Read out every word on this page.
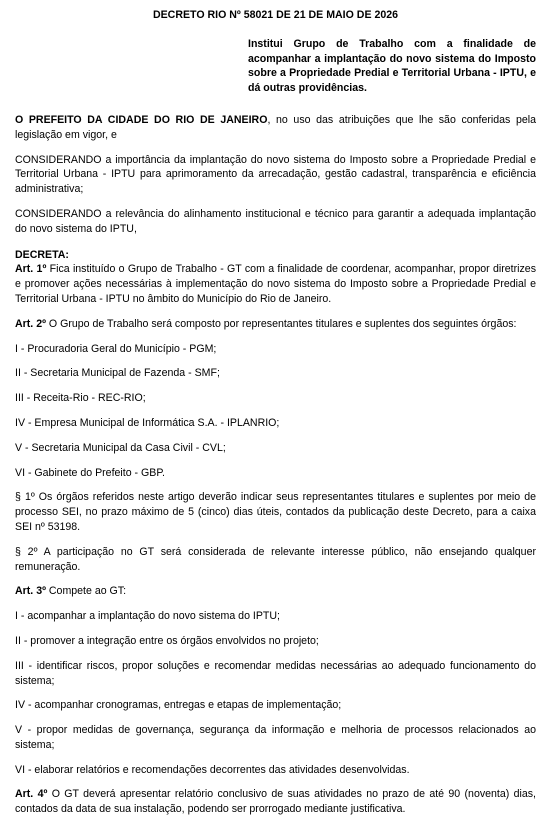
DECRETO RIO Nº 58021 DE 21 DE MAIO DE 2026
Institui Grupo de Trabalho com a finalidade de acompanhar a implantação do novo sistema do Imposto sobre a Propriedade Predial e Territorial Urbana - IPTU, e dá outras providências.

O PREFEITO DA CIDADE DO RIO DE JANEIRO, no uso das atribuições que lhe são conferidas pela legislação em vigor, e

CONSIDERANDO a importância da implantação do novo sistema do Imposto sobre a Propriedade Predial e Territorial Urbana - IPTU para aprimoramento da arrecadação, gestão cadastral, transparência e eficiência administrativa;

CONSIDERANDO a relevância do alinhamento institucional e técnico para garantir a adequada implantação do novo sistema do IPTU,

DECRETA:

Art. 1º Fica instituído o Grupo de Trabalho - GT com a finalidade de coordenar, acompanhar, propor diretrizes e promover ações necessárias à implementação do novo sistema do Imposto sobre a Propriedade Predial e Territorial Urbana - IPTU no âmbito do Município do Rio de Janeiro.

Art. 2º O Grupo de Trabalho será composto por representantes titulares e suplentes dos seguintes órgãos:

I - Procuradoria Geral do Município - PGM;

II - Secretaria Municipal de Fazenda - SMF;

III - Receita-Rio - REC-RIO;

IV - Empresa Municipal de Informática S.A. - IPLANRIO;

V - Secretaria Municipal da Casa Civil - CVL;

VI - Gabinete do Prefeito - GBP.

§ 1º Os órgãos referidos neste artigo deverão indicar seus representantes titulares e suplentes por meio de processo SEI, no prazo máximo de 5 (cinco) dias úteis, contados da publicação deste Decreto, para a caixa SEI nº 53198.

§ 2º A participação no GT será considerada de relevante interesse público, não ensejando qualquer remuneração.

Art. 3º Compete ao GT:

I - acompanhar a implantação do novo sistema do IPTU;

II - promover a integração entre os órgãos envolvidos no projeto;

III - identificar riscos, propor soluções e recomendar medidas necessárias ao adequado funcionamento do sistema;

IV - acompanhar cronogramas, entregas e etapas de implementação;

V - propor medidas de governança, segurança da informação e melhoria de processos relacionados ao sistema;

VI - elaborar relatórios e recomendações decorrentes das atividades desenvolvidas.

Art. 4º O GT deverá apresentar relatório conclusivo de suas atividades no prazo de até 90 (noventa) dias, contados da data de sua instalação, podendo ser prorrogado mediante justificativa.
